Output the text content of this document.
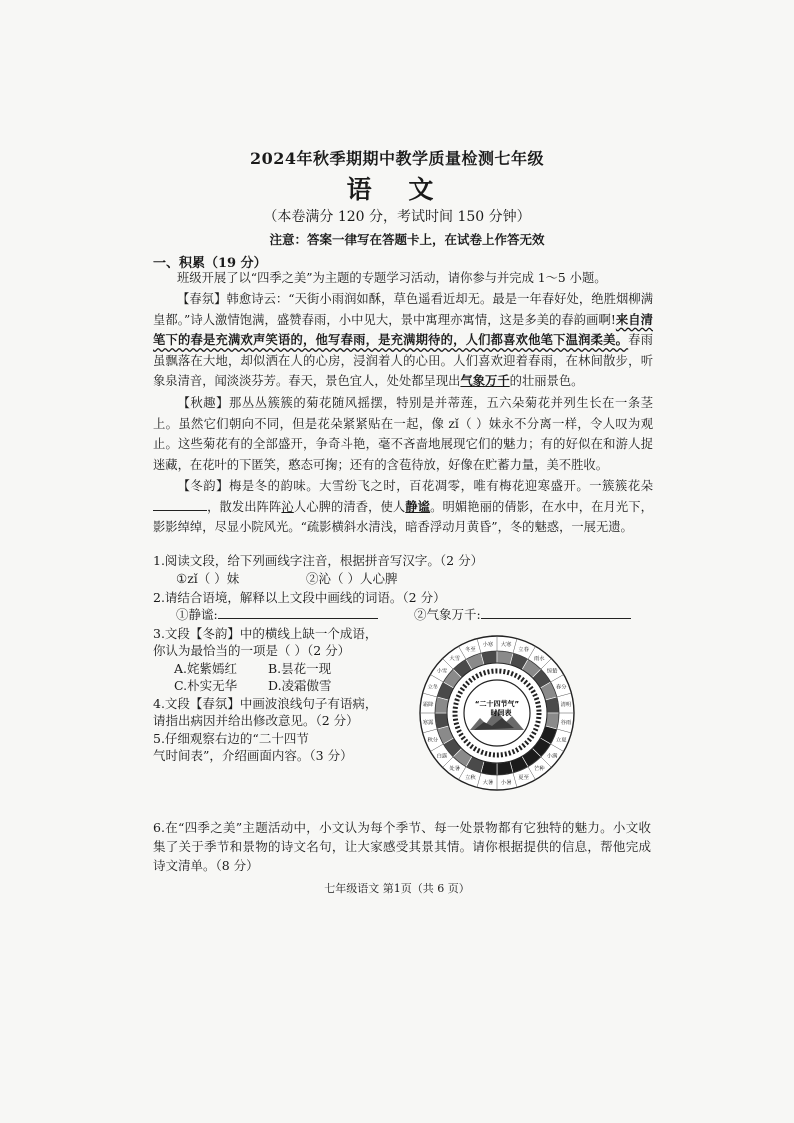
2024年秋季期期中教学质量检测七年级
语 文
（本卷满分 120 分，考试时间 150 分钟）
注意：答案一律写在答题卡上，在试卷上作答无效
一、积累（19 分）
班级开展了以“四季之美”为主题的专题学习活动，请你参与并完成 1～5 小题。
【春氛】韩愈诗云：“天街小雨润如酥，草色遥看近却无。最是一年春好处，绝胜烟柳满皇都。”诗人激情饱满，盛赞春雨，小中见大，景中寓理亦寓情，这是多美的春韵画啊!来自清笔下的春是充满欢声笑语的，他写春雨，是充满期待的，人们都喜欢他笔下温润柔美。春雨虽飘落在大地，却似洒在人的心房，浸润着人的心田。人们喜欢迎着春雨，在林间散步，听象泉清音，闻淡淡芬芳。春天，景色宜人，处处都呈现出气象万千的壮丽景色。
【秋趣】那丛丛簇簇的菊花随风摇摆，特别是并蒂莲，五六朵菊花并列生长在一条茎上。虽然它们朝向不同，但是花朵紧紧贴在一起，像 zǐ（ ）妹永不分离一样，令人叹为观止。这些菊花有的全部盛开，争奇斗艳，毫不吝啬地展现它们的魅力；有的好似在和游人捉迷藏，在花叶的下匿笑，憨态可掬；还有的含苞待放，好像在贮蓄力量，美不胜收。
【冬韵】梅是冬的韵味。大雪纷飞之时，百花凋零，唯有梅花迎寒盛开。一簇簇花朵，散发出阵阵沁人心脾的清香，使人静谧。明媚艳丽的倩影，在水中，在月光下，影影绰绰，尽显小院风光。“疏影横斜水清浅，暗香浮动月黄昏”，冬的魅惑，一展无遗。
1.阅读文段，给下列画线字注音，根据拼音写汉字。（2 分）
①zǐ（ ）妹	②沁（ ）人心脾
2.请结合语境，解释以上文段中画线的词语。（2 分）
①静谧:	②气象万千:
3.文段【冬韵】中的横线上缺一个成语，
你认为最恰当的一项是（ ）（2 分）
A.姹紫嫣红 B.昙花一现
C.朴实无华 D.凌霜傲雪
4.文段【春氛】中画波浪线句子有语病，
请指出病因并给出修改意见。（2 分）
5.仔细观察右边的“二十四节
气时间表”，介绍画面内容。（3 分）
“二十四节气”
时间表
立春
雨水
惊蛰
春分
清明
谷雨
立夏
小满
芒种
夏至
小暑
大暑
立秋
处暑
白露
秋分
寒露
霜降
立冬
小雪
大雪
冬至
小寒 大寒
6.在“四季之美”主题活动中，小文认为每个季节、每一处景物都有它独特的魅力。小文收集了关于季节和景物的诗文名句，让大家感受其景其情。请你根据提供的信息，帮他完成诗文清单。（8 分）
七年级语文 第1页（共 6 页）
